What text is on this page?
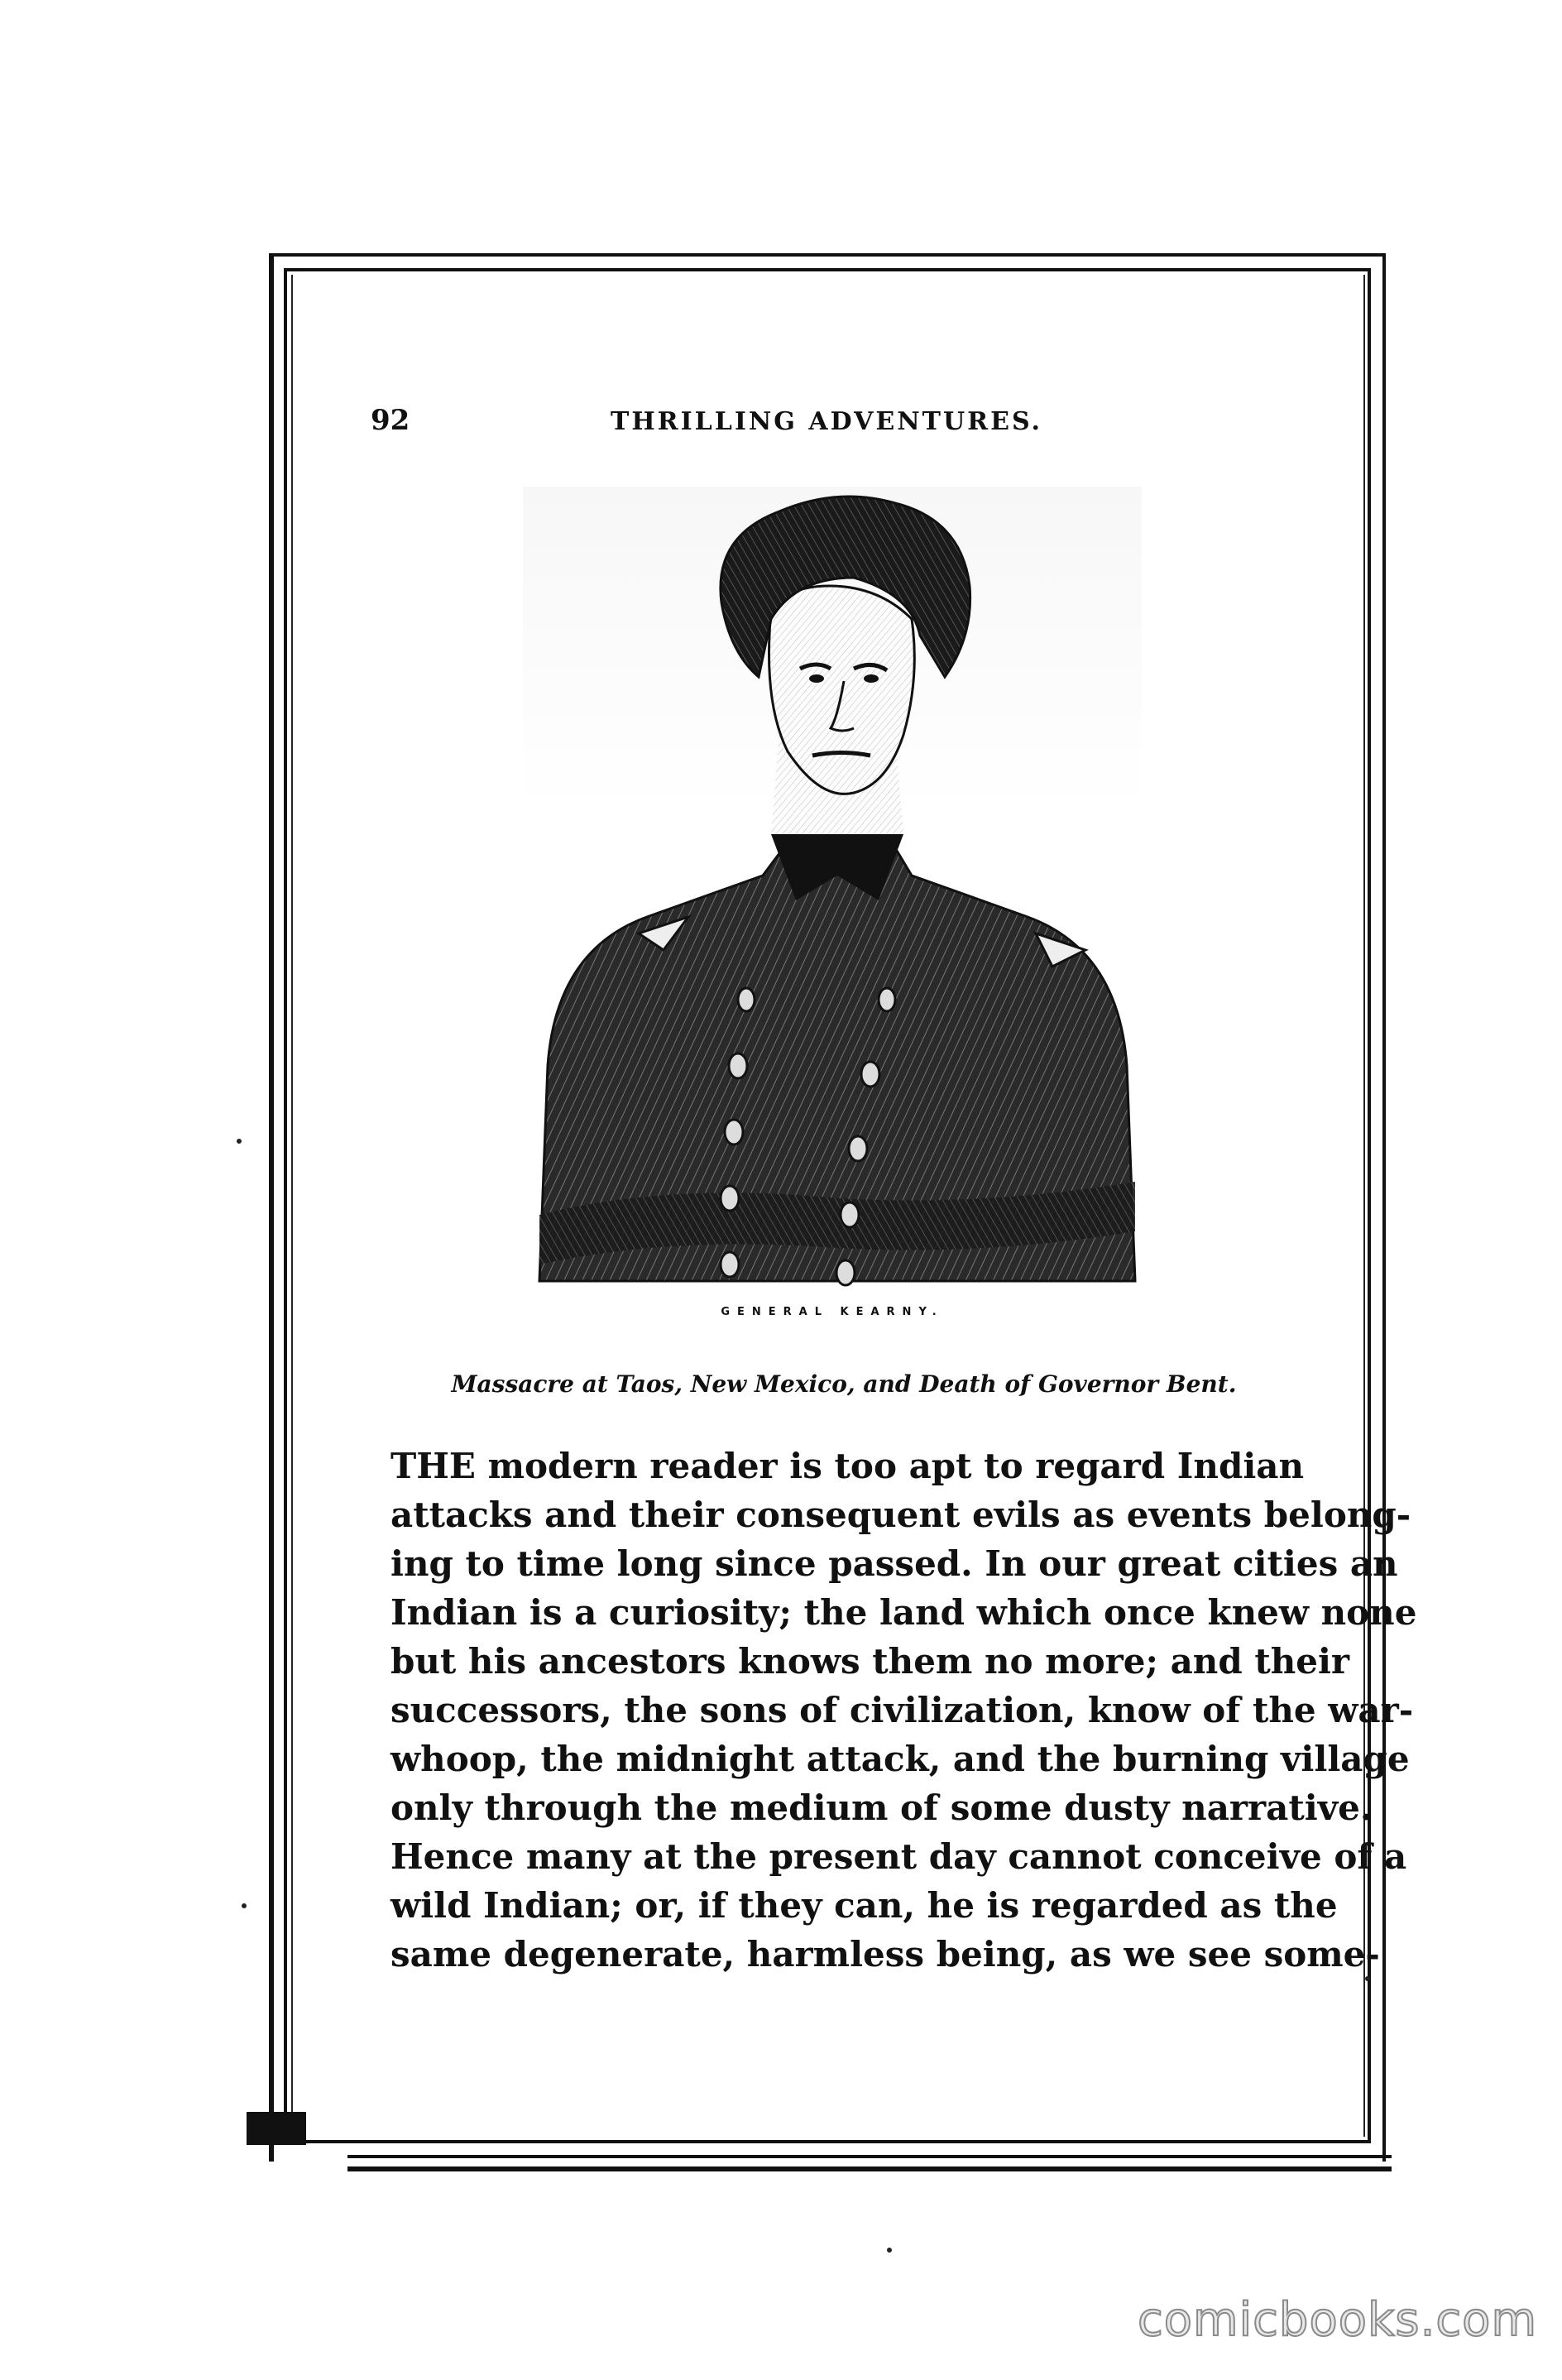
92	THRILLING ADVENTURES.
GENERAL KEARNY.
Massacre at Taos, New Mexico, and Death of Governor Bent.
THE modern reader is too apt to regard Indian
attacks and their consequent evils as events belong-
ing to time long since passed. In our great cities an
Indian is a curiosity; the land which once knew none
but his ancestors knows them no more; and their
successors, the sons of civilization, know of the war-
whoop, the midnight attack, and the burning village
only through the medium of some dusty narrative.
Hence many at the present day cannot conceive of a
wild Indian; or, if they can, he is regarded as the
same degenerate, harmless being, as we see some-
comicbooks.com
